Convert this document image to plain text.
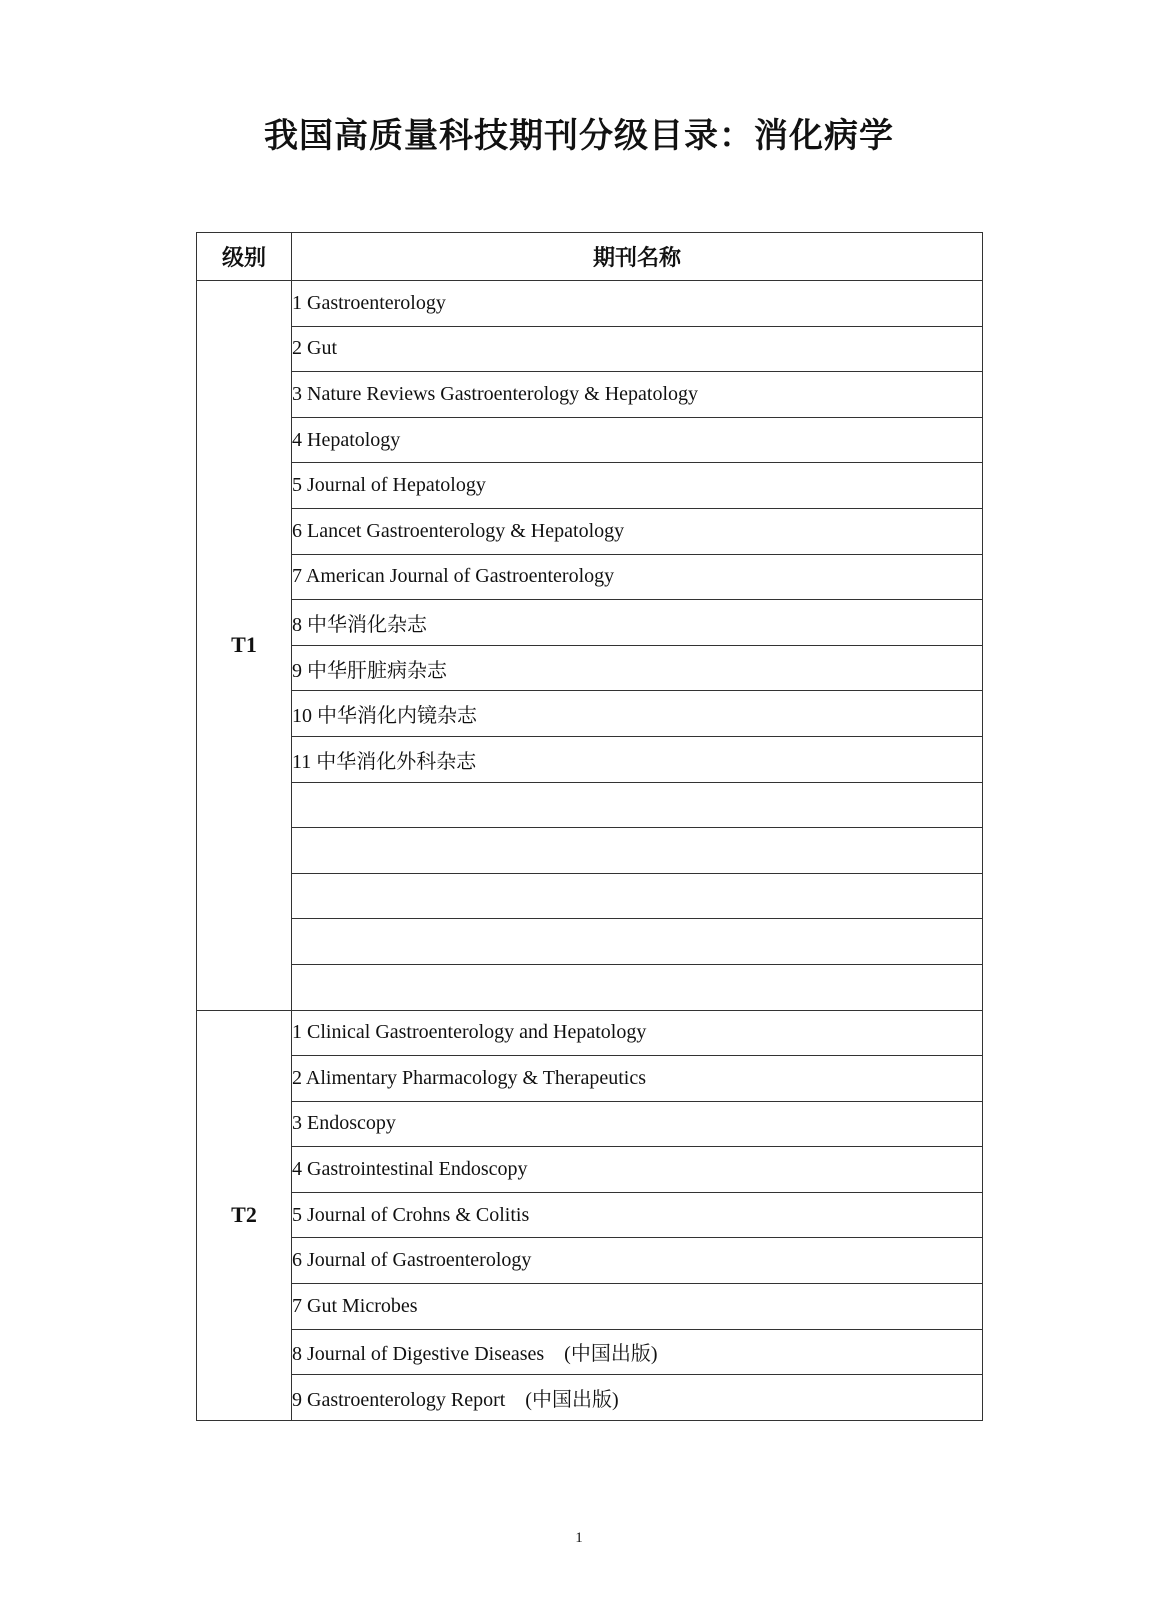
我国高质量科技期刊分级目录：消化病学
级别	期刊名称
T1	1 Gastroenterology
	2 Gut
	3 Nature Reviews Gastroenterology & Hepatology
	4 Hepatology
	5 Journal of Hepatology
	6 Lancet Gastroenterology & Hepatology
	7 American Journal of Gastroenterology
	8 中华消化杂志
	9 中华肝脏病杂志
	10 中华消化内镜杂志
	11 中华消化外科杂志

T2	1 Clinical Gastroenterology and Hepatology
	2 Alimentary Pharmacology & Therapeutics
	3 Endoscopy
	4 Gastrointestinal Endoscopy
	5 Journal of Crohns & Colitis
	6 Journal of Gastroenterology
	7 Gut Microbes
	8 Journal of Digestive Diseases　(中国出版)
	9 Gastroenterology Report　(中国出版)
1
